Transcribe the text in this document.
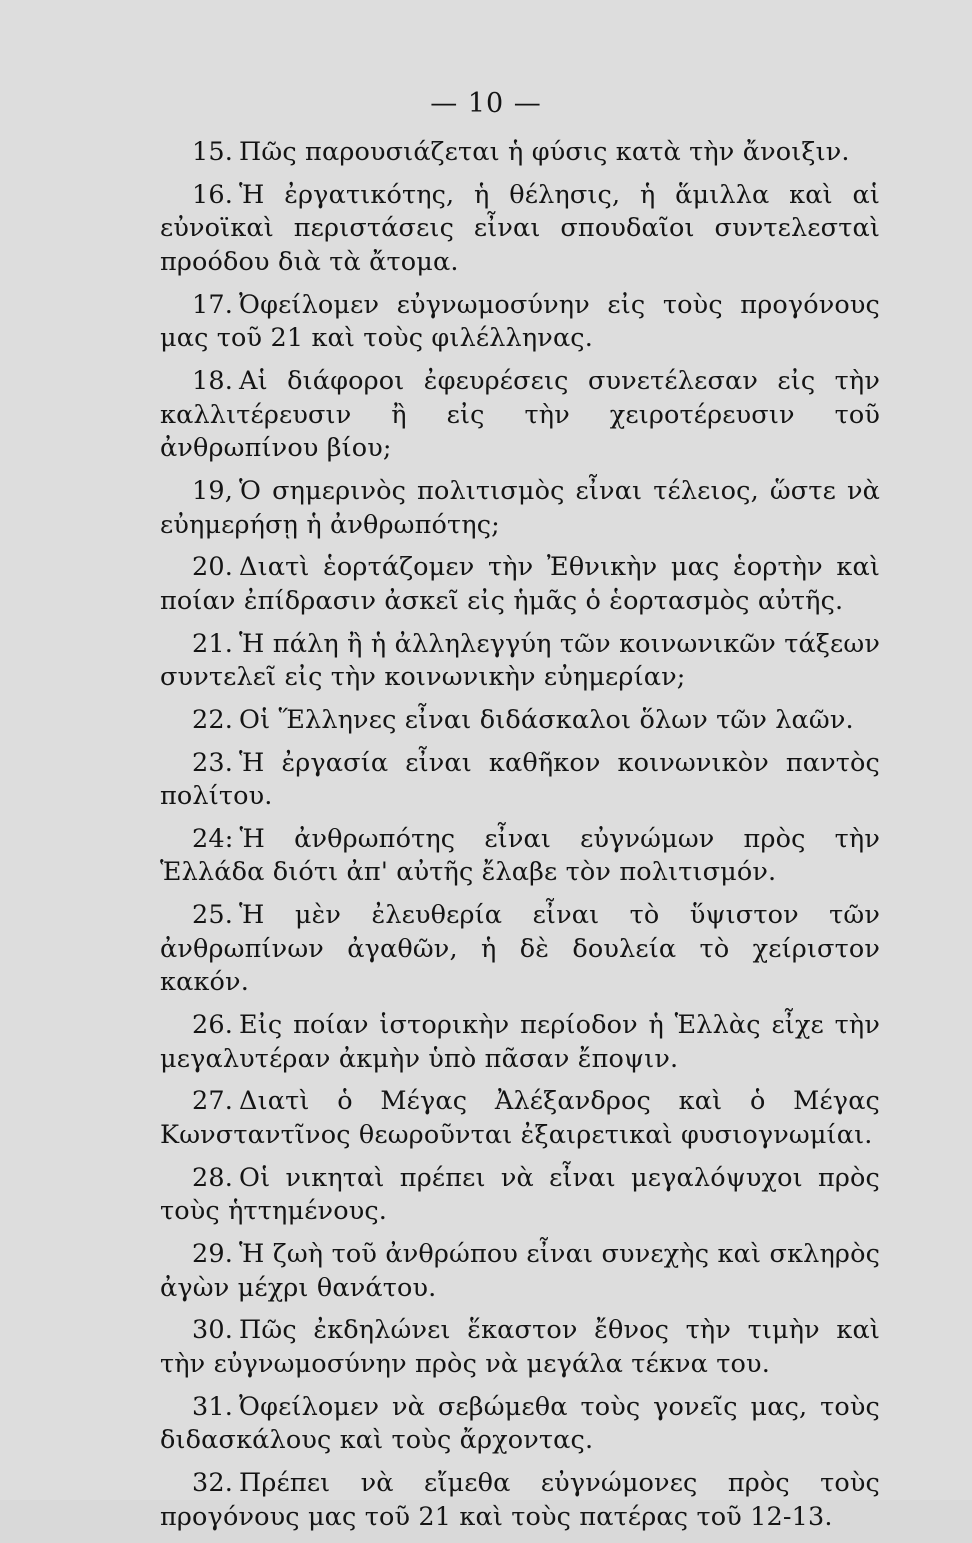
— 10 —

15. Πῶς παρουσιάζεται ἡ φύσις κατὰ τὴν ἄνοιξιν.

16. Ἡ ἐργατικότης, ἡ θέλησις, ἡ ἅμιλλα καὶ αἱ εὐνοϊκαὶ περιστάσεις εἶναι σπουδαῖοι συντελεσταὶ προόδου διὰ τὰ ἄτομα.

17. Ὀφείλομεν εὐγνωμοσύνην εἰς τοὺς προγόνους μας τοῦ 21 καὶ τοὺς φιλέλληνας.

18. Αἱ διάφοροι ἐφευρέσεις συνετέλεσαν εἰς τὴν καλλιτέρευσιν ἢ εἰς τὴν χειροτέρευσιν τοῦ ἀνθρωπίνου βίου;

19, Ὁ σημερινὸς πολιτισμὸς εἶναι τέλειος, ὥστε νὰ εὐημερήσῃ ἡ ἀνθρωπότης;

20. Διατὶ ἑορτάζομεν τὴν Ἐθνικὴν μας ἑορτὴν καὶ ποίαν ἐπίδρασιν ἀσκεῖ εἰς ἡμᾶς ὁ ἑορτασμὸς αὐτῆς.

21. Ἡ πάλη ἢ ἡ ἀλληλεγγύη τῶν κοινωνικῶν τάξεων συντελεῖ εἰς τὴν κοινωνικὴν εὐημερίαν;

22. Οἱ Ἕλληνες εἶναι διδάσκαλοι ὅλων τῶν λαῶν.

23. Ἡ ἐργασία εἶναι καθῆκον κοινωνικὸν παντὸς πολίτου.

24: Ἡ ἀνθρωπότης εἶναι εὐγνώμων πρὸς τὴν Ἑλλάδα διότι ἀπ' αὐτῆς ἔλαβε τὸν πολιτισμόν.

25. Ἡ μὲν ἐλευθερία εἶναι τὸ ὕψιστον τῶν ἀνθρωπίνων ἀγαθῶν, ἡ δὲ δουλεία τὸ χείριστον κακόν.

26. Εἰς ποίαν ἱστορικὴν περίοδον ἡ Ἑλλὰς εἶχε τὴν μεγαλυτέραν ἀκμὴν ὑπὸ πᾶσαν ἔποψιν.

27. Διατὶ ὁ Μέγας Ἀλέξανδρος καὶ ὁ Μέγας Κωνσταντῖνος θεωροῦνται ἐξαιρετικαὶ φυσιογνωμίαι.

28. Οἱ νικηταὶ πρέπει νὰ εἶναι μεγαλόψυχοι πρὸς τοὺς ἡττημένους.

29. Ἡ ζωὴ τοῦ ἀνθρώπου εἶναι συνεχὴς καὶ σκληρὸς ἀγὼν μέχρι θανάτου.

30. Πῶς ἐκδηλώνει ἕκαστον ἔθνος τὴν τιμὴν καὶ τὴν εὐγνωμοσύνην πρὸς νὰ μεγάλα τέκνα του.

31. Ὀφείλομεν νὰ σεβώμεθα τοὺς γονεῖς μας, τοὺς διδασκάλους καὶ τοὺς ἄρχοντας.

32. Πρέπει νὰ εἴμεθα εὐγνώμονες πρὸς τοὺς προγόνους μας τοῦ 21 καὶ τοὺς πατέρας τοῦ 12-13.
